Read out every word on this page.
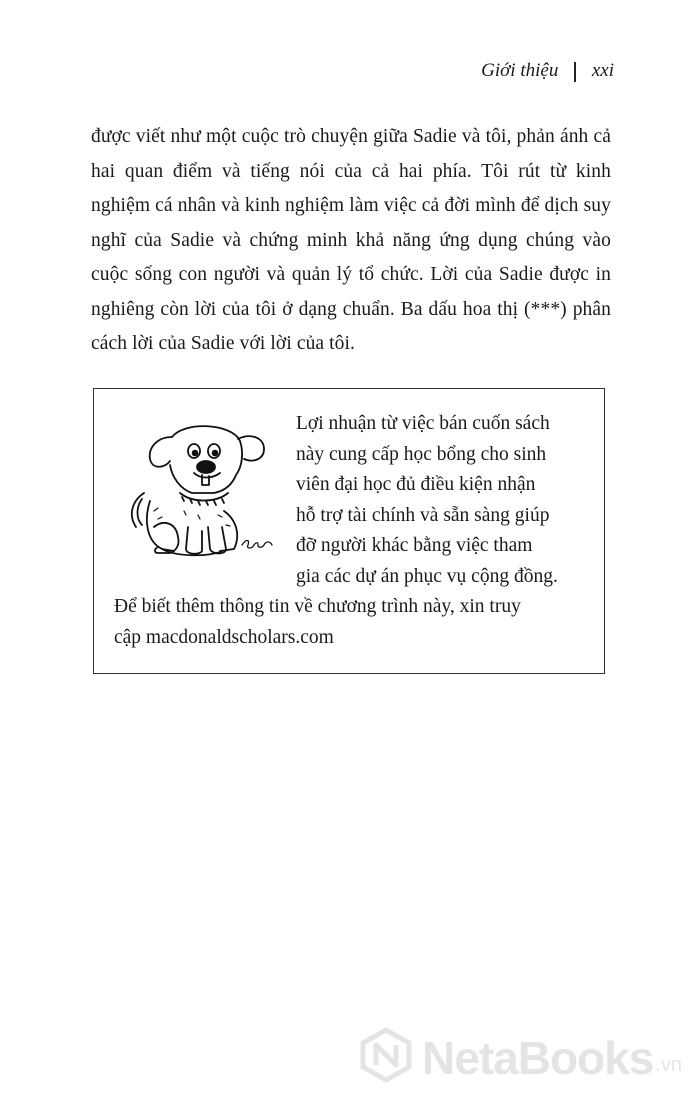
Giới thiệu xxi

được viết như một cuộc trò chuyện giữa Sadie và tôi, phản ánh cả hai quan điểm và tiếng nói của cả hai phía. Tôi rút từ kinh nghiệm cá nhân và kinh nghiệm làm việc cả đời mình để dịch suy nghĩ của Sadie và chứng minh khả năng ứng dụng chúng vào cuộc sống con người và quản lý tổ chức. Lời của Sadie được in nghiêng còn lời của tôi ở dạng chuẩn. Ba dấu hoa thị (***) phân cách lời của Sadie với lời của tôi.

Lợi nhuận từ việc bán cuốn sách
này cung cấp học bổng cho sinh
viên đại học đủ điều kiện nhận
hỗ trợ tài chính và sẵn sàng giúp
đỡ người khác bằng việc tham
gia các dự án phục vụ cộng đồng.
Để biết thêm thông tin về chương trình này, xin truy
cập macdonaldscholars.com
NetaBooks .vn
